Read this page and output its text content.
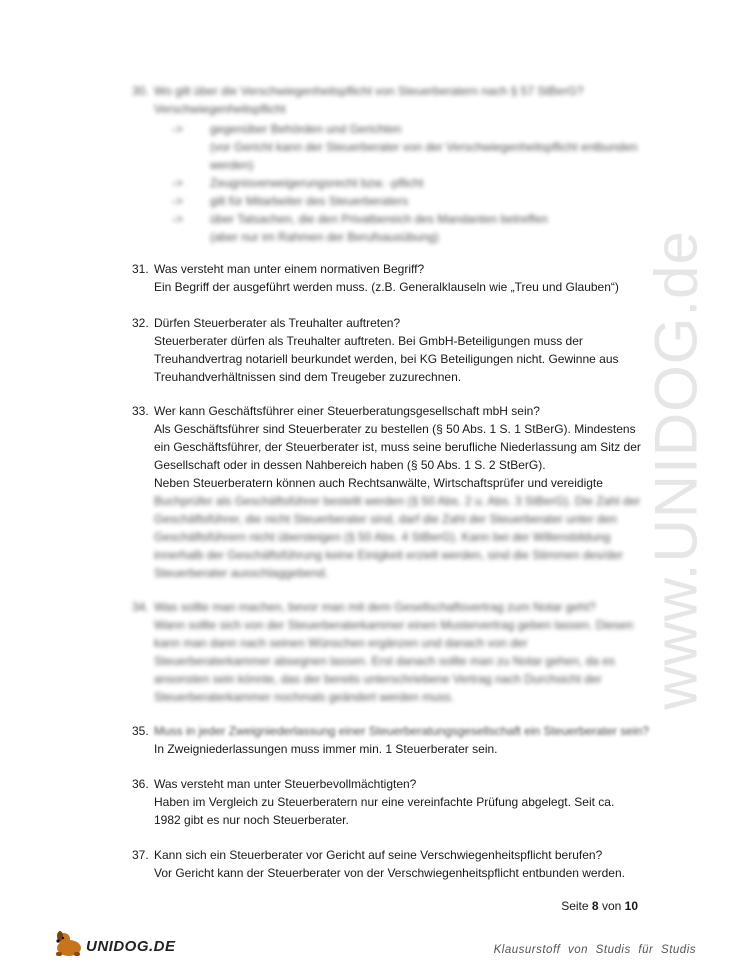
www.UNIDOG.de
30. Wo gilt über die Verschwiegenheitspflicht von Steuerberatern nach § 57 StBerG?
Verschwiegenheitspflicht
-> gegenüber Behörden und Gerichten
(vor Gericht kann der Steuerberater von der Verschwiegenheitspflicht entbunden werden)
-> Zeugnisverweigerungsrecht bzw. -pflicht
-> gilt für Mitarbeiter des Steuerberaters
-> über Tatsachen, die den Privatbereich des Mandanten betreffen
(aber nur im Rahmen der Berufsausübung)
31. Was versteht man unter einem normativen Begriff?
Ein Begriff der ausgeführt werden muss. (z.B. Generalklauseln wie „Treu und Glauben“)
32. Dürfen Steuerberater als Treuhalter auftreten?
Steuerberater dürfen als Treuhalter auftreten. Bei GmbH-Beteiligungen muss der Treuhandvertrag notariell beurkundet werden, bei KG Beteiligungen nicht. Gewinne aus Treuhandverhältnissen sind dem Treugeber zuzurechnen.
33. Wer kann Geschäftsführer einer Steuerberatungsgesellschaft mbH sein?
Als Geschäftsführer sind Steuerberater zu bestellen (§ 50 Abs. 1 S. 1 StBerG). Mindestens ein Geschäftsführer, der Steuerberater ist, muss seine berufliche Niederlassung am Sitz der Gesellschaft oder in dessen Nahbereich haben (§ 50 Abs. 1 S. 2 StBerG).
Neben Steuerberatern können auch Rechtsanwälte, Wirtschaftsprüfer und vereidigte
Buchprüfer als Geschäftsführer bestellt werden (§ 50 Abs. 2 u. Abs. 3 StBerG). Die Zahl der Geschäftsführer, die nicht Steuerberater sind, darf die Zahl der Steuerberater unter den Geschäftsführern nicht übersteigen (§ 50 Abs. 4 StBerG). Kann bei der Willensbildung innerhalb der Geschäftsführung keine Einigkeit erzielt werden, sind die Stimmen des/der Steuerberater ausschlaggebend.
34. Was sollte man machen, bevor man mit dem Gesellschaftsvertrag zum Notar geht?
Wann sollte sich von der Steuerberaterkammer einen Mustervertrag geben lassen. Diesen kann man dann nach seinen Wünschen ergänzen und danach von der Steuerberaterkammer absegnen lassen. Erst danach sollte man zu Notar gehen, da es ansonsten sein könnte, das der bereits unterschriebene Vertrag nach Durchsicht der Steuerberaterkammer nochmals geändert werden muss.
35. Muss in jeder Zweigniederlassung einer Steuerberatungsgesellschaft ein Steuerberater sein?
In Zweigniederlassungen muss immer min. 1 Steuerberater sein.
36. Was versteht man unter Steuerbevollmächtigten?
Haben im Vergleich zu Steuerberatern nur eine vereinfachte Prüfung abgelegt. Seit ca. 1982 gibt es nur noch Steuerberater.
37. Kann sich ein Steuerberater vor Gericht auf seine Verschwiegenheitspflicht berufen?
Vor Gericht kann der Steuerberater von der Verschwiegenheitspflicht entbunden werden.
Seite 8 von 10
UNIDOG.DE	Klausurstoff von Studis für Studis
